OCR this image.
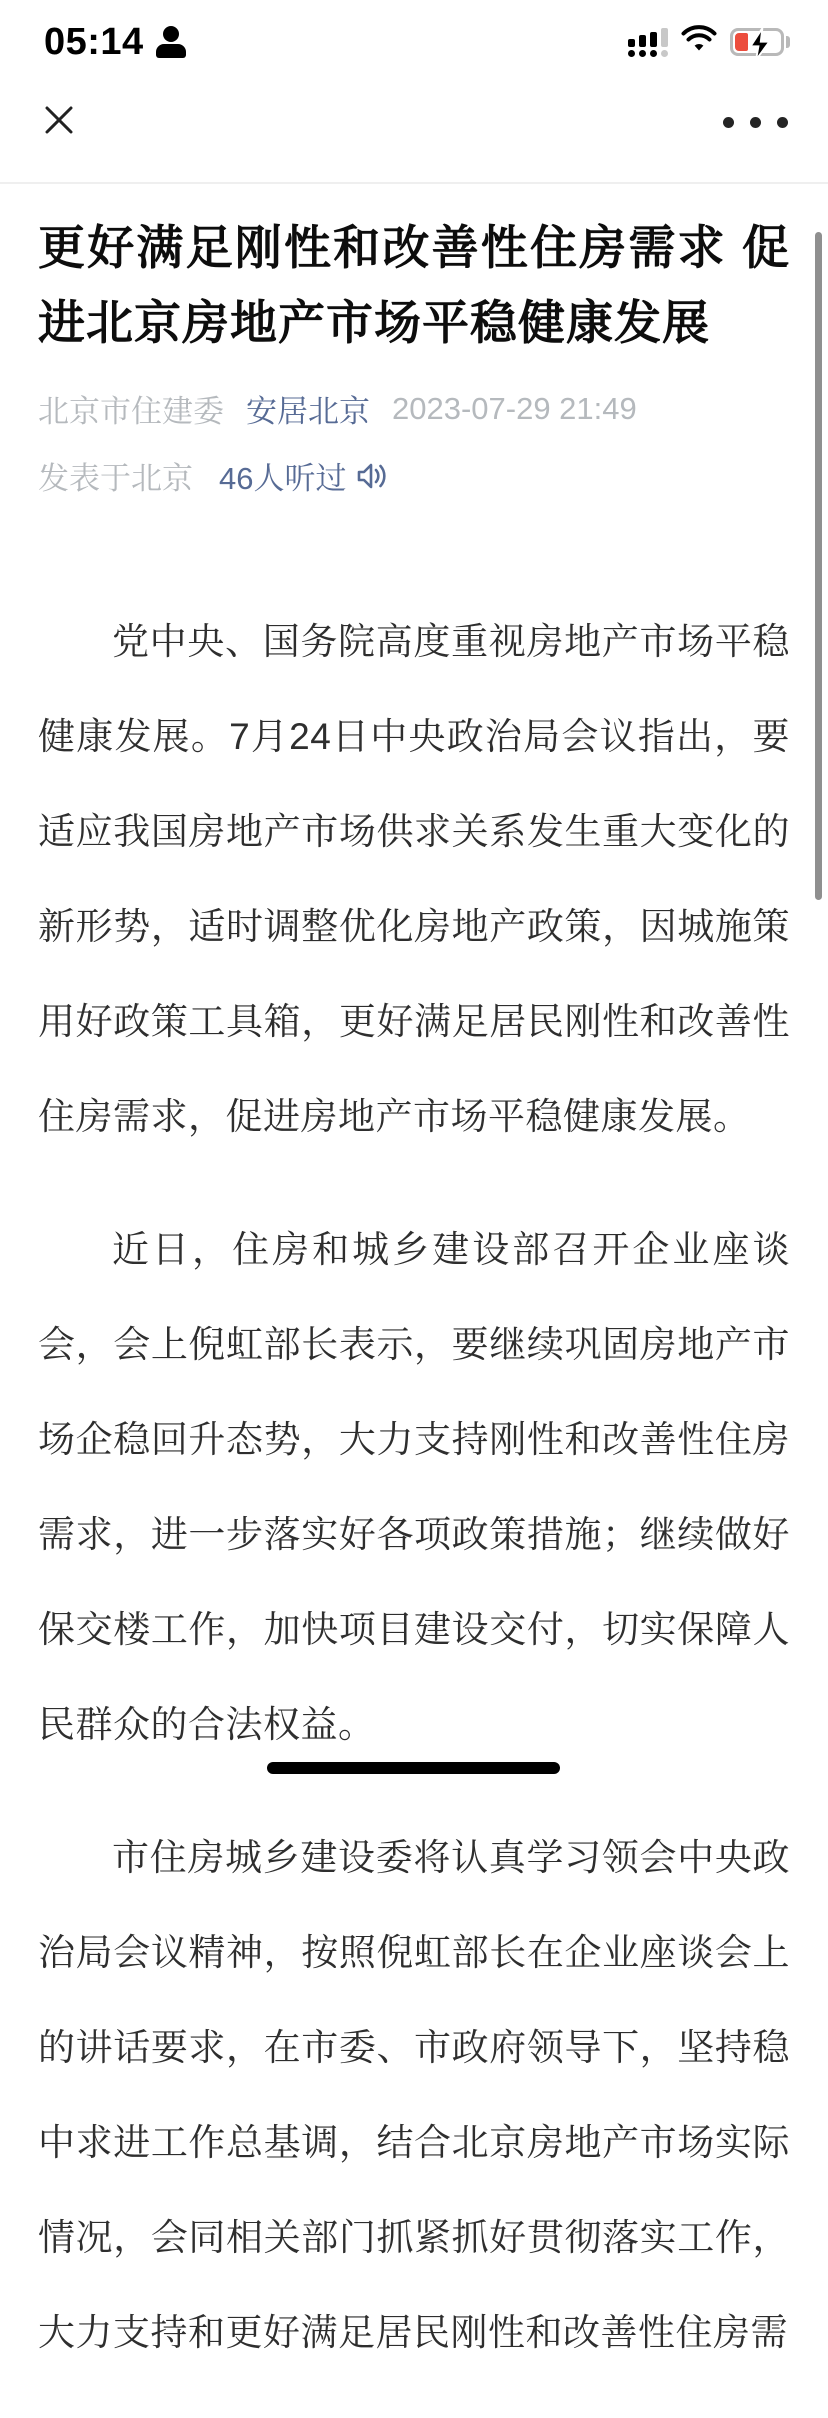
05:14
更好满足刚性和改善性住房需求 促进北京房地产市场平稳健康发展
北京市住建委 安居北京 2023-07-29 21:49
发表于北京 46人听过

党中央、国务院高度重视房地产市场平稳健康发展。7月24日中央政治局会议指出，要适应我国房地产市场供求关系发生重大变化的新形势，适时调整优化房地产政策，因城施策用好政策工具箱，更好满足居民刚性和改善性住房需求，促进房地产市场平稳健康发展。

近日，住房和城乡建设部召开企业座谈会，会上倪虹部长表示，要继续巩固房地产市场企稳回升态势，大力支持刚性和改善性住房需求，进一步落实好各项政策措施；继续做好保交楼工作，加快项目建设交付，切实保障人民群众的合法权益。

市住房城乡建设委将认真学习领会中央政治局会议精神，按照倪虹部长在企业座谈会上的讲话要求，在市委、市政府领导下，坚持稳中求进工作总基调，结合北京房地产市场实际情况，会同相关部门抓紧抓好贯彻落实工作，大力支持和更好满足居民刚性和改善性住房需
